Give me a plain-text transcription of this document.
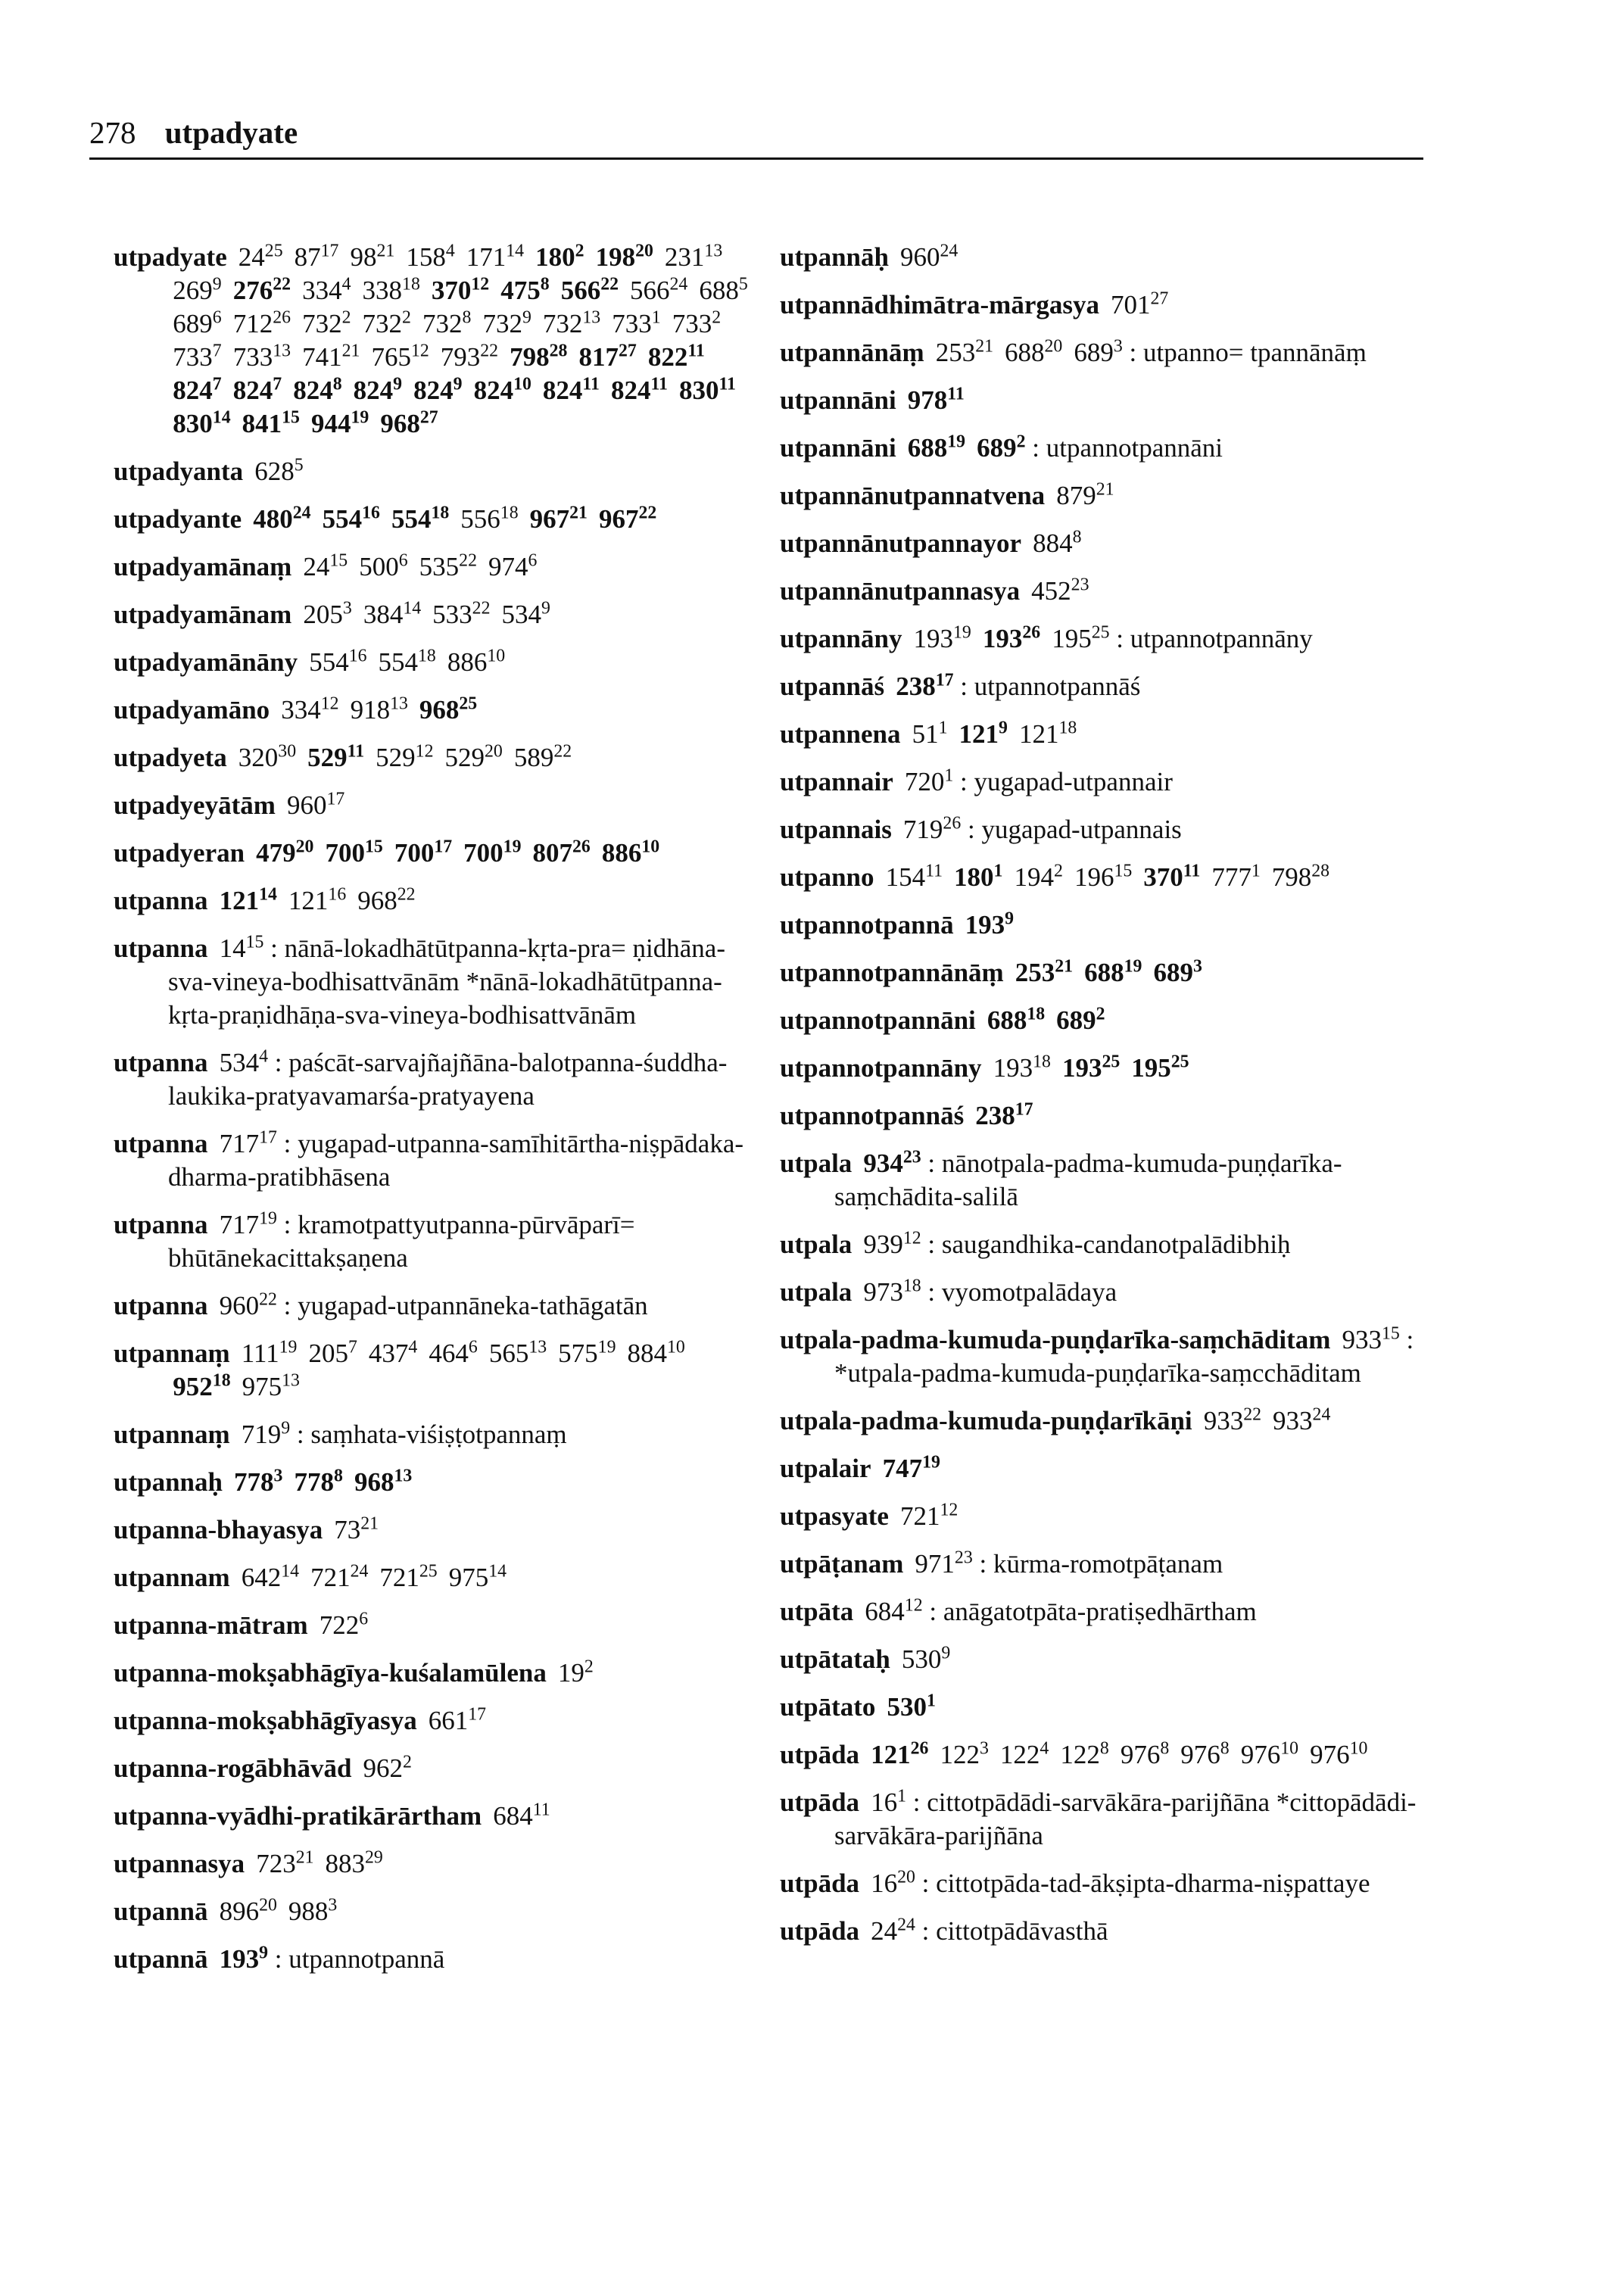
278 utpadyate
utpadyate $24^{25}$ $87^{17}$ $98^{21}$ $158^4$ $171^{14}$ $180^2$ $198^{20}$ $231^{13}$ $269^9$ $276^{22}$ $334^4$ $338^{18}$ $370^{12}$ $475^8$ $566^{22}$ $566^{24}$ $688^5$ $689^6$ $712^{26}$ $732^2$ $732^2$ $732^8$ $732^9$ $732^{13}$ $733^1$ $733^2$ $733^7$ $733^{13}$ $741^{21}$ $765^{12}$ $793^{22}$ $798^{28}$ $817^{27}$ $822^{11}$ $824^7$ $824^7$ $824^8$ $824^9$ $824^9$ $824^{10}$ $824^{11}$ $824^{11}$ $830^{11}$ $830^{14}$ $841^{15}$ $944^{19}$ $968^{27}$
utpadyanta $628^5$
utpadyante $480^{24}$ $554^{16}$ $554^{18}$ $556^{18}$ $967^{21}$ $967^{22}$
utpadyamānaṃ $24^{15}$ $500^6$ $535^{22}$ $974^6$
utpadyamānam $205^3$ $384^{14}$ $533^{22}$ $534^9$
utpadyamānāny $554^{16}$ $554^{18}$ $886^{10}$
utpadyamāno $334^{12}$ $918^{13}$ $968^{25}$
utpadyeta $320^{30}$ $529^{11}$ $529^{12}$ $529^{20}$ $589^{22}$
utpadyeyātām $960^{17}$
utpadyeran $479^{20}$ $700^{15}$ $700^{17}$ $700^{19}$ $807^{26}$ $886^{10}$
utpanna $121^{14}$ $121^{16}$ $968^{22}$
utpanna $14^{15}$ : nānā-lokadhātūtpanna-kṛta-pra= ṇidhāna-sva-vineya-bodhisattvānām *nānā-lokadhātūtpanna-kṛta-praṇidhāṇa-sva-vineya-bodhisattvānām
utpanna $534^4$ : paścāt-sarvajñajñāna-balotpanna-śuddha-laukika-pratyavamarśa-pratyayena
utpanna $717^{17}$ : yugapad-utpanna-samīhitārtha-niṣpādaka-dharma-pratibhāsena
utpanna $717^{19}$ : kramotpattyutpanna-pūrvāparī= bhūtānekacittakṣaṇena
utpanna $960^{22}$ : yugapad-utpannāneka-tathāgatān
utpannaṃ $111^{19}$ $205^7$ $437^4$ $464^6$ $565^{13}$ $575^{19}$ $884^{10}$ $952^{18}$ $975^{13}$
utpannaṃ $719^9$ : saṃhata-viśiṣṭotpannaṃ
utpannaḥ $778^3$ $778^8$ $968^{13}$
utpanna-bhayasya $73^{21}$
utpannam $642^{14}$ $721^{24}$ $721^{25}$ $975^{14}$
utpanna-mātram $722^6$
utpanna-mokṣabhāgīya-kuśalamūlena $19^2$
utpanna-mokṣabhāgīyasya $661^{17}$
utpanna-rogābhāvād $962^2$
utpanna-vyādhi-pratikārārtham $684^{11}$
utpannasya $723^{21}$ $883^{29}$
utpannā $896^{20}$ $988^3$
utpannā $193^9$ : utpannotpannā
utpannāḥ $960^{24}$
utpannādhimātra-mārgasya $701^{27}$
utpannānāṃ $253^{21}$ $688^{20}$ $689^3$ : utpanno= tpannānāṃ
utpannāni $978^{11}$
utpannāni $688^{19}$ $689^2$ : utpannotpannāni
utpannānutpannatvena $879^{21}$
utpannānutpannayor $884^8$
utpannānutpannasya $452^{23}$
utpannāny $193^{19}$ $193^{26}$ $195^{25}$ : utpannotpannāny
utpannāś $238^{17}$ : utpannotpannāś
utpannena $51^1$ $121^9$ $121^{18}$
utpannair $720^1$ : yugapad-utpannair
utpannais $719^{26}$ : yugapad-utpannais
utpanno $154^{11}$ $180^1$ $194^2$ $196^{15}$ $370^{11}$ $777^1$ $798^{28}$
utpannotpannā $193^9$
utpannotpannānāṃ $253^{21}$ $688^{19}$ $689^3$
utpannotpannāni $688^{18}$ $689^2$
utpannotpannāny $193^{18}$ $193^{25}$ $195^{25}$
utpannotpannāś $238^{17}$
utpala $934^{23}$ : nānotpala-padma-kumuda-puṇḍarīka-saṃchādita-salilā
utpala $939^{12}$ : saugandhika-candanotpalādibhiḥ
utpala $973^{18}$ : vyomotpalādaya
utpala-padma-kumuda-puṇḍarīka-saṃchāditam $933^{15}$ : *utpala-padma-kumuda-puṇḍarīka-saṃcchāditam
utpala-padma-kumuda-puṇḍarīkāṇi $933^{22}$ $933^{24}$
utpalair $747^{19}$
utpasyate $721^{12}$
utpāṭanam $971^{23}$ : kūrma-romotpāṭanam
utpāta $684^{12}$ : anāgatotpāta-pratiṣedhārtham
utpātataḥ $530^9$
utpātato $530^1$
utpāda $121^{26}$ $122^3$ $122^4$ $122^8$ $976^8$ $976^8$ $976^{10}$ $976^{10}$
utpāda $16^1$ : cittotpādādi-sarvākāra-parijñāna *cittopādādi-sarvākāra-parijñāna
utpāda $16^{20}$ : cittotpāda-tad-ākṣipta-dharma-niṣpattaye
utpāda $24^{24}$ : cittotpādāvasthā
